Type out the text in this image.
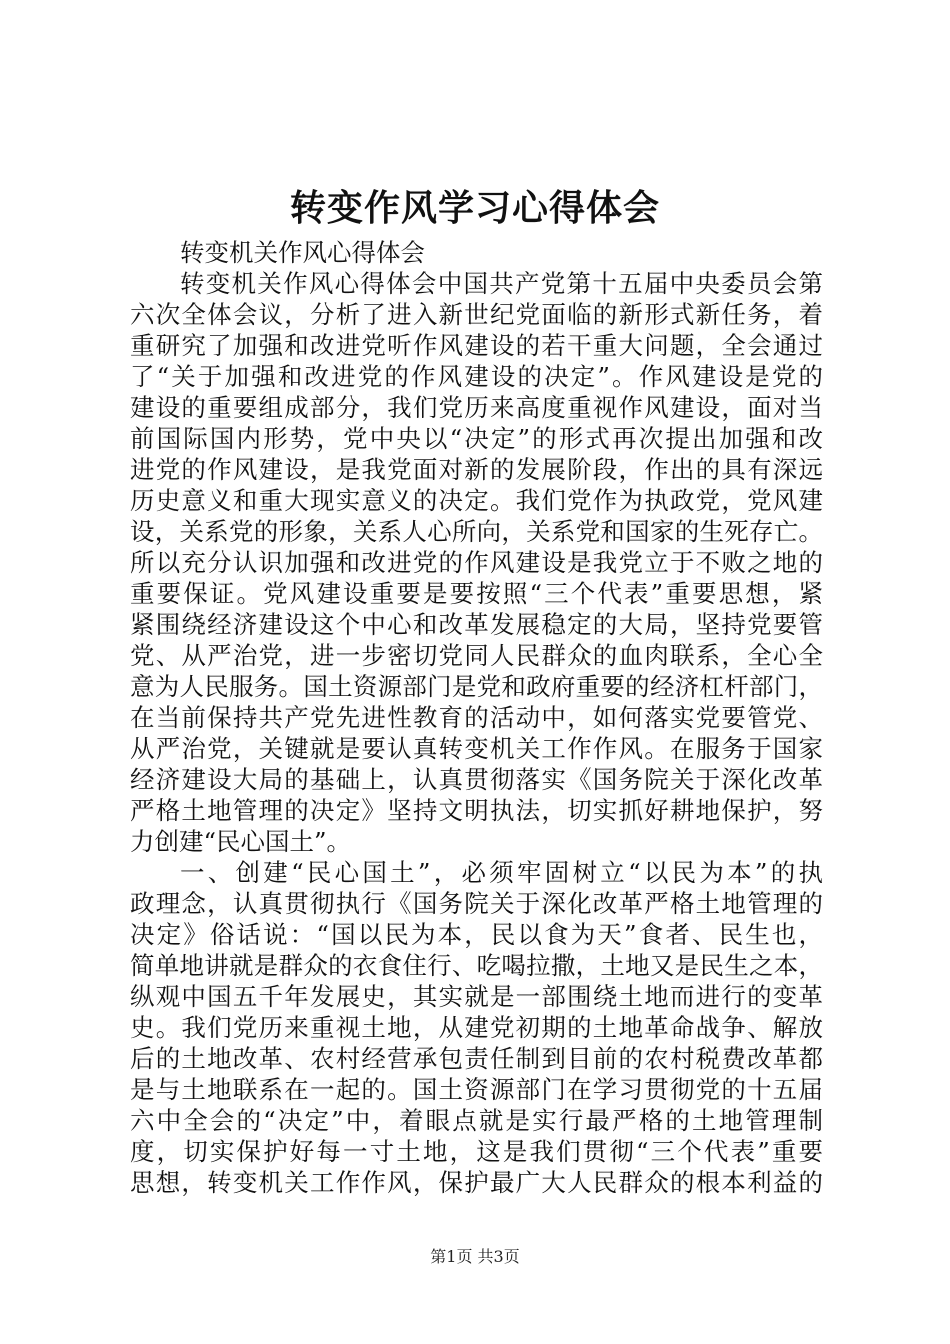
转变作风学习心得体会
转变机关作风心得体会
转变机关作风心得体会中国共产党第十五届中央委员会第
六次全体会议，分析了进入新世纪党面临的新形式新任务，着
重研究了加强和改进党听作风建设的若干重大问题，全会通过
了“关于加强和改进党的作风建设的决定”。作风建设是党的
建设的重要组成部分，我们党历来高度重视作风建设，面对当
前国际国内形势，党中央以“决定”的形式再次提出加强和改
进党的作风建设，是我党面对新的发展阶段，作出的具有深远
历史意义和重大现实意义的决定。我们党作为执政党，党风建
设，关系党的形象，关系人心所向，关系党和国家的生死存亡。
所以充分认识加强和改进党的作风建设是我党立于不败之地的
重要保证。党风建设重要是要按照“三个代表”重要思想，紧
紧围绕经济建设这个中心和改革发展稳定的大局，坚持党要管
党、从严治党，进一步密切党同人民群众的血肉联系，全心全
意为人民服务。国土资源部门是党和政府重要的经济杠杆部门，
在当前保持共产党先进性教育的活动中，如何落实党要管党、
从严治党，关键就是要认真转变机关工作作风。在服务于国家
经济建设大局的基础上，认真贯彻落实《国务院关于深化改革
严格土地管理的决定》坚持文明执法，切实抓好耕地保护，努
力创建“民心国土”。
一、创建“民心国土”，必须牢固树立“以民为本”的执
政理念，认真贯彻执行《国务院关于深化改革严格土地管理的
决定》俗话说：“国以民为本，民以食为天”食者、民生也，
简单地讲就是群众的衣食住行、吃喝拉撒，土地又是民生之本，
纵观中国五千年发展史，其实就是一部围绕土地而进行的变革
史。我们党历来重视土地，从建党初期的土地革命战争、解放
后的土地改革、农村经营承包责任制到目前的农村税费改革都
是与土地联系在一起的。国土资源部门在学习贯彻党的十五届
六中全会的“决定”中，着眼点就是实行最严格的土地管理制
度，切实保护好每一寸土地，这是我们贯彻“三个代表”重要
思想，转变机关工作作风，保护最广大人民群众的根本利益的
第1页 共3页
